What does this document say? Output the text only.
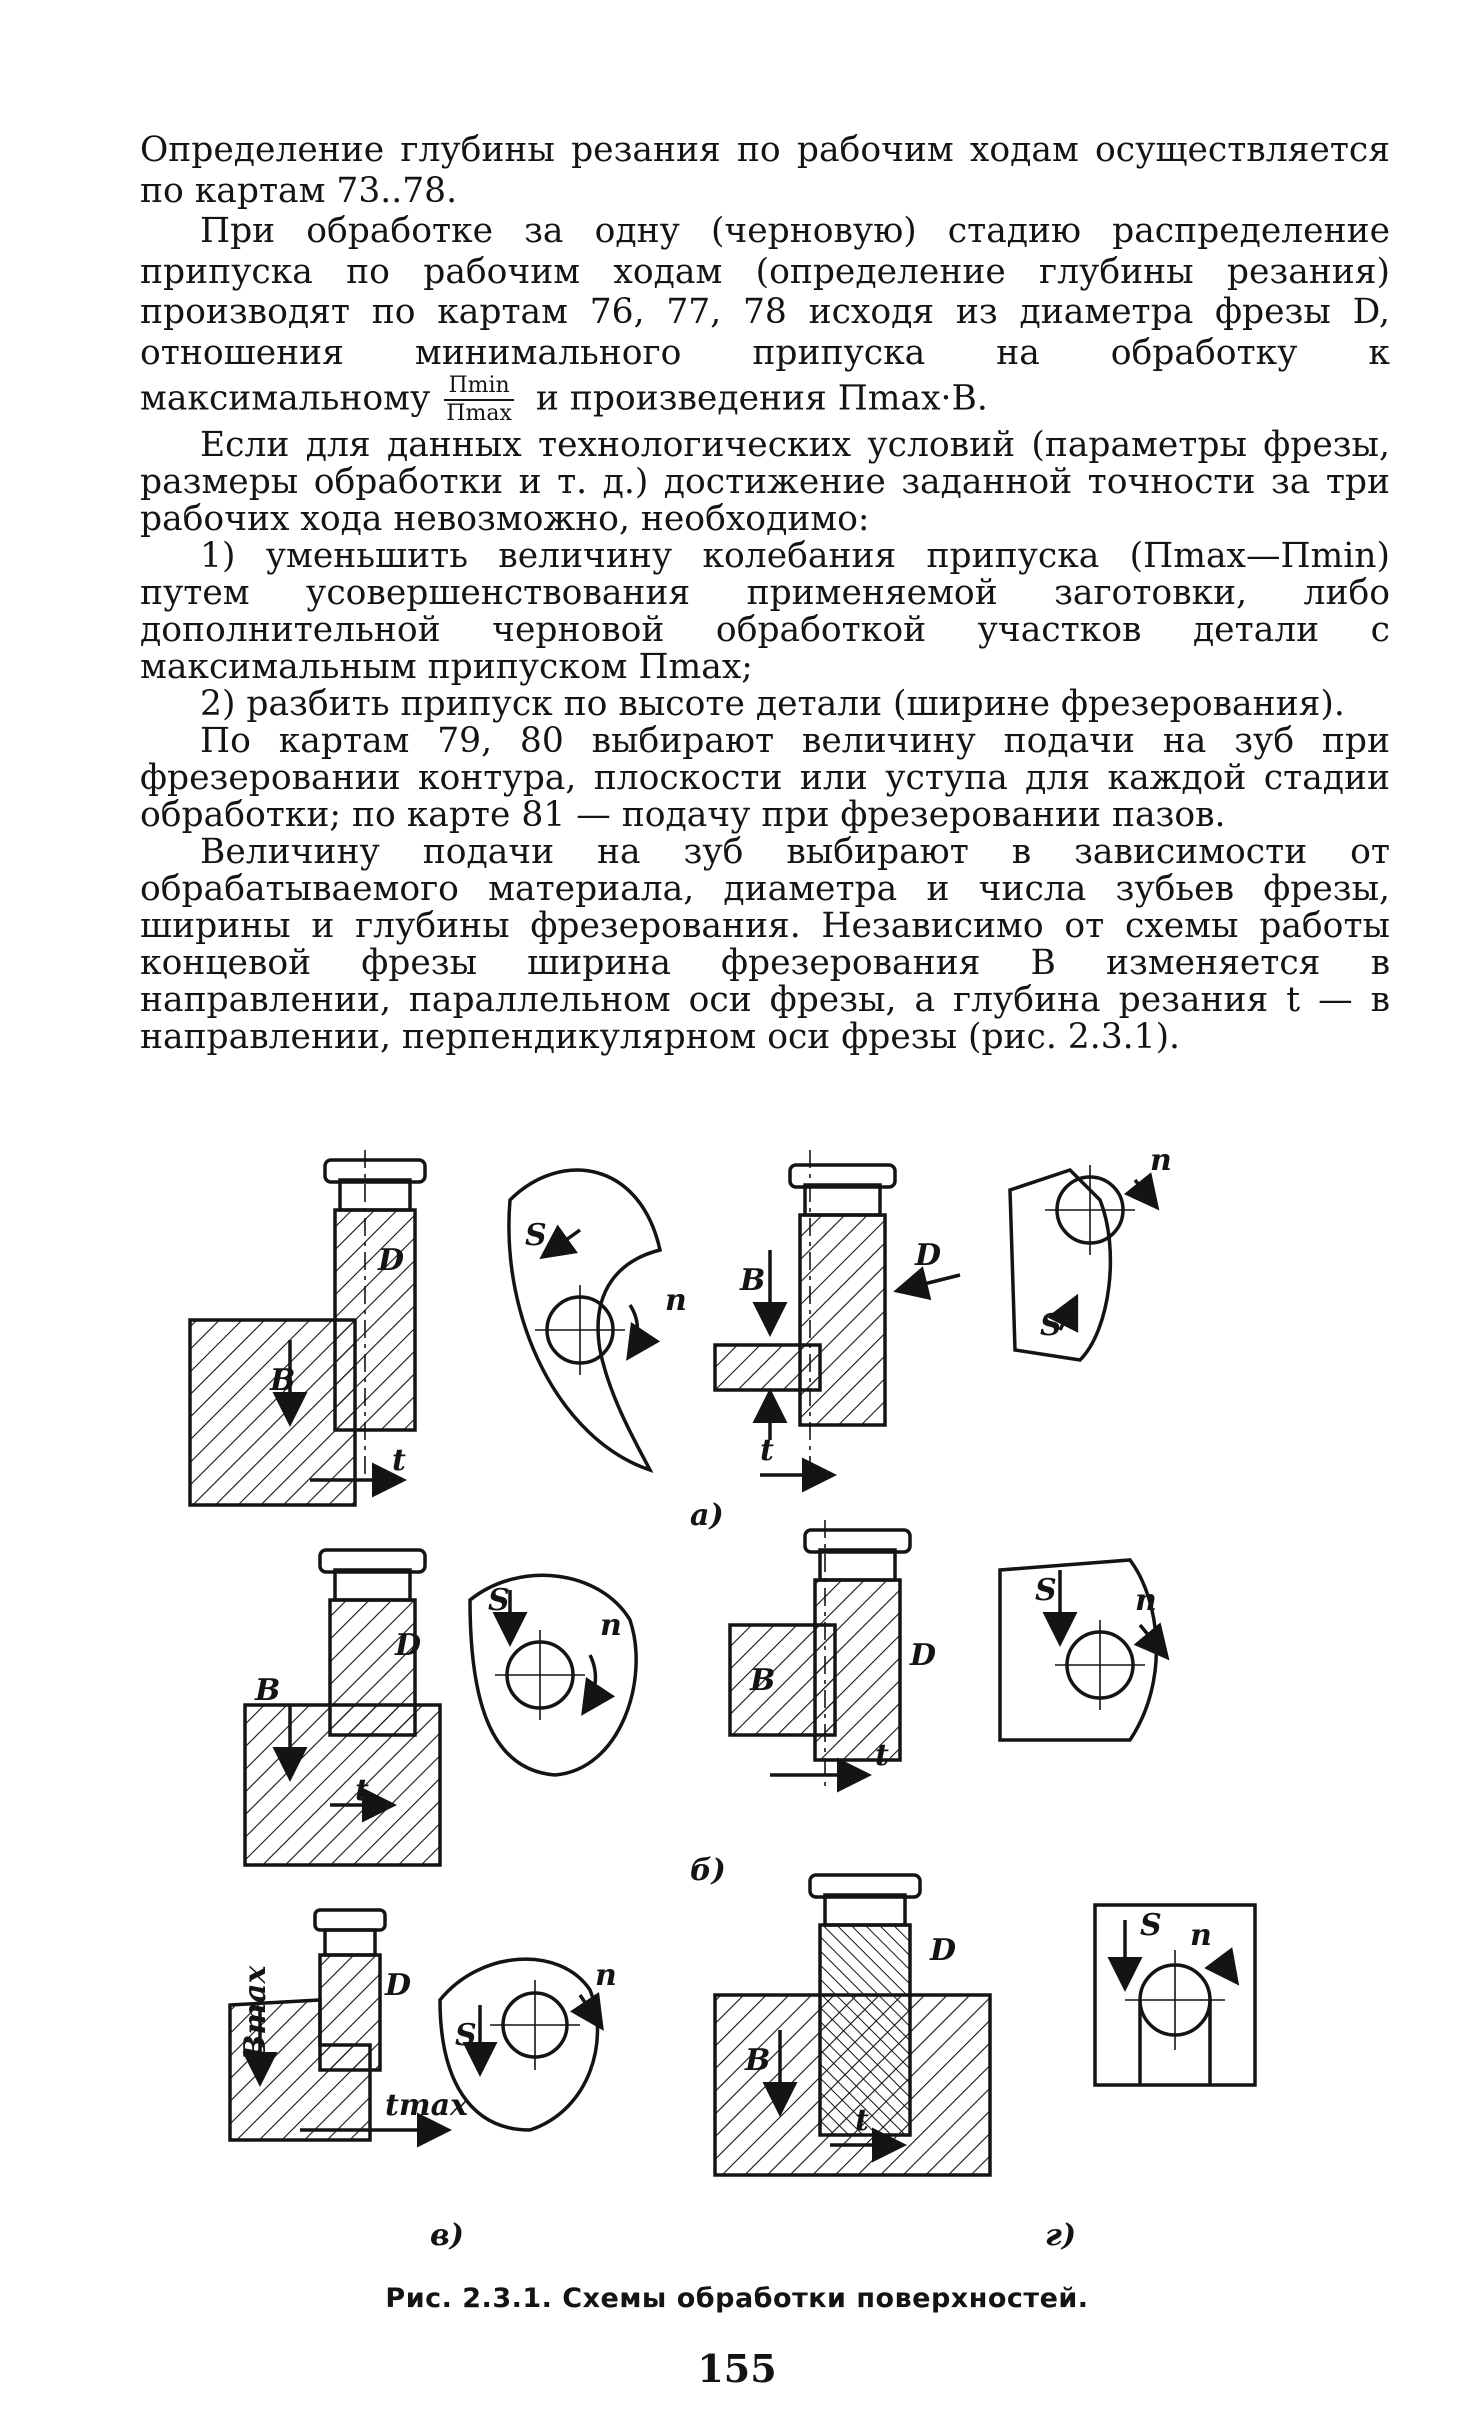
Определение глубины резания по рабочим ходам осуществляется по картам 73..78.

При обработке за одну (черновую) стадию распределение припуска по рабочим ходам (определение глубины резания) производят по картам 76, 77, 78 исходя из диаметра фрезы D, отношения минимального припуска на обработку к максимальному $\frac{П\min}{П\max}$ и произведения Пmax·B.

Если для данных технологических условий (параметры фрезы, размеры обработки и т. д.) достижение заданной точности за три рабочих хода невозможно, необходимо:

1) уменьшить величину колебания припуска (Пmax—Пmin) путем усовершенствования применяемой заготовки, либо дополнительной черновой обработкой участков детали с максимальным припуском Пmax;

2) разбить припуск по высоте детали (ширине фрезерования).

По картам 79, 80 выбирают величину подачи на зуб при фрезеровании контура, плоскости или уступа для каждой стадии обработки; по карте 81 — подачу при фрезеровании пазов.

Величину подачи на зуб выбирают в зависимости от обрабатываемого материала, диаметра и числа зубьев фрезы, ширины и глубины фрезерования. Независимо от схемы работы концевой фрезы ширина фрезерования B изменяется в направлении, параллельном оси фрезы, а глубина резания t — в направлении, перпендикулярном оси фрезы (рис. 2.3.1).

D
B
t
S
n
D
B
t
S
n
D
B
t
S
n
D
B
t
S	n
D
Bmax
tmax
S
n
D
B
t
S n
а)
б)
в)	г)
Рис. 2.3.1. Схемы обработки поверхностей.
155
